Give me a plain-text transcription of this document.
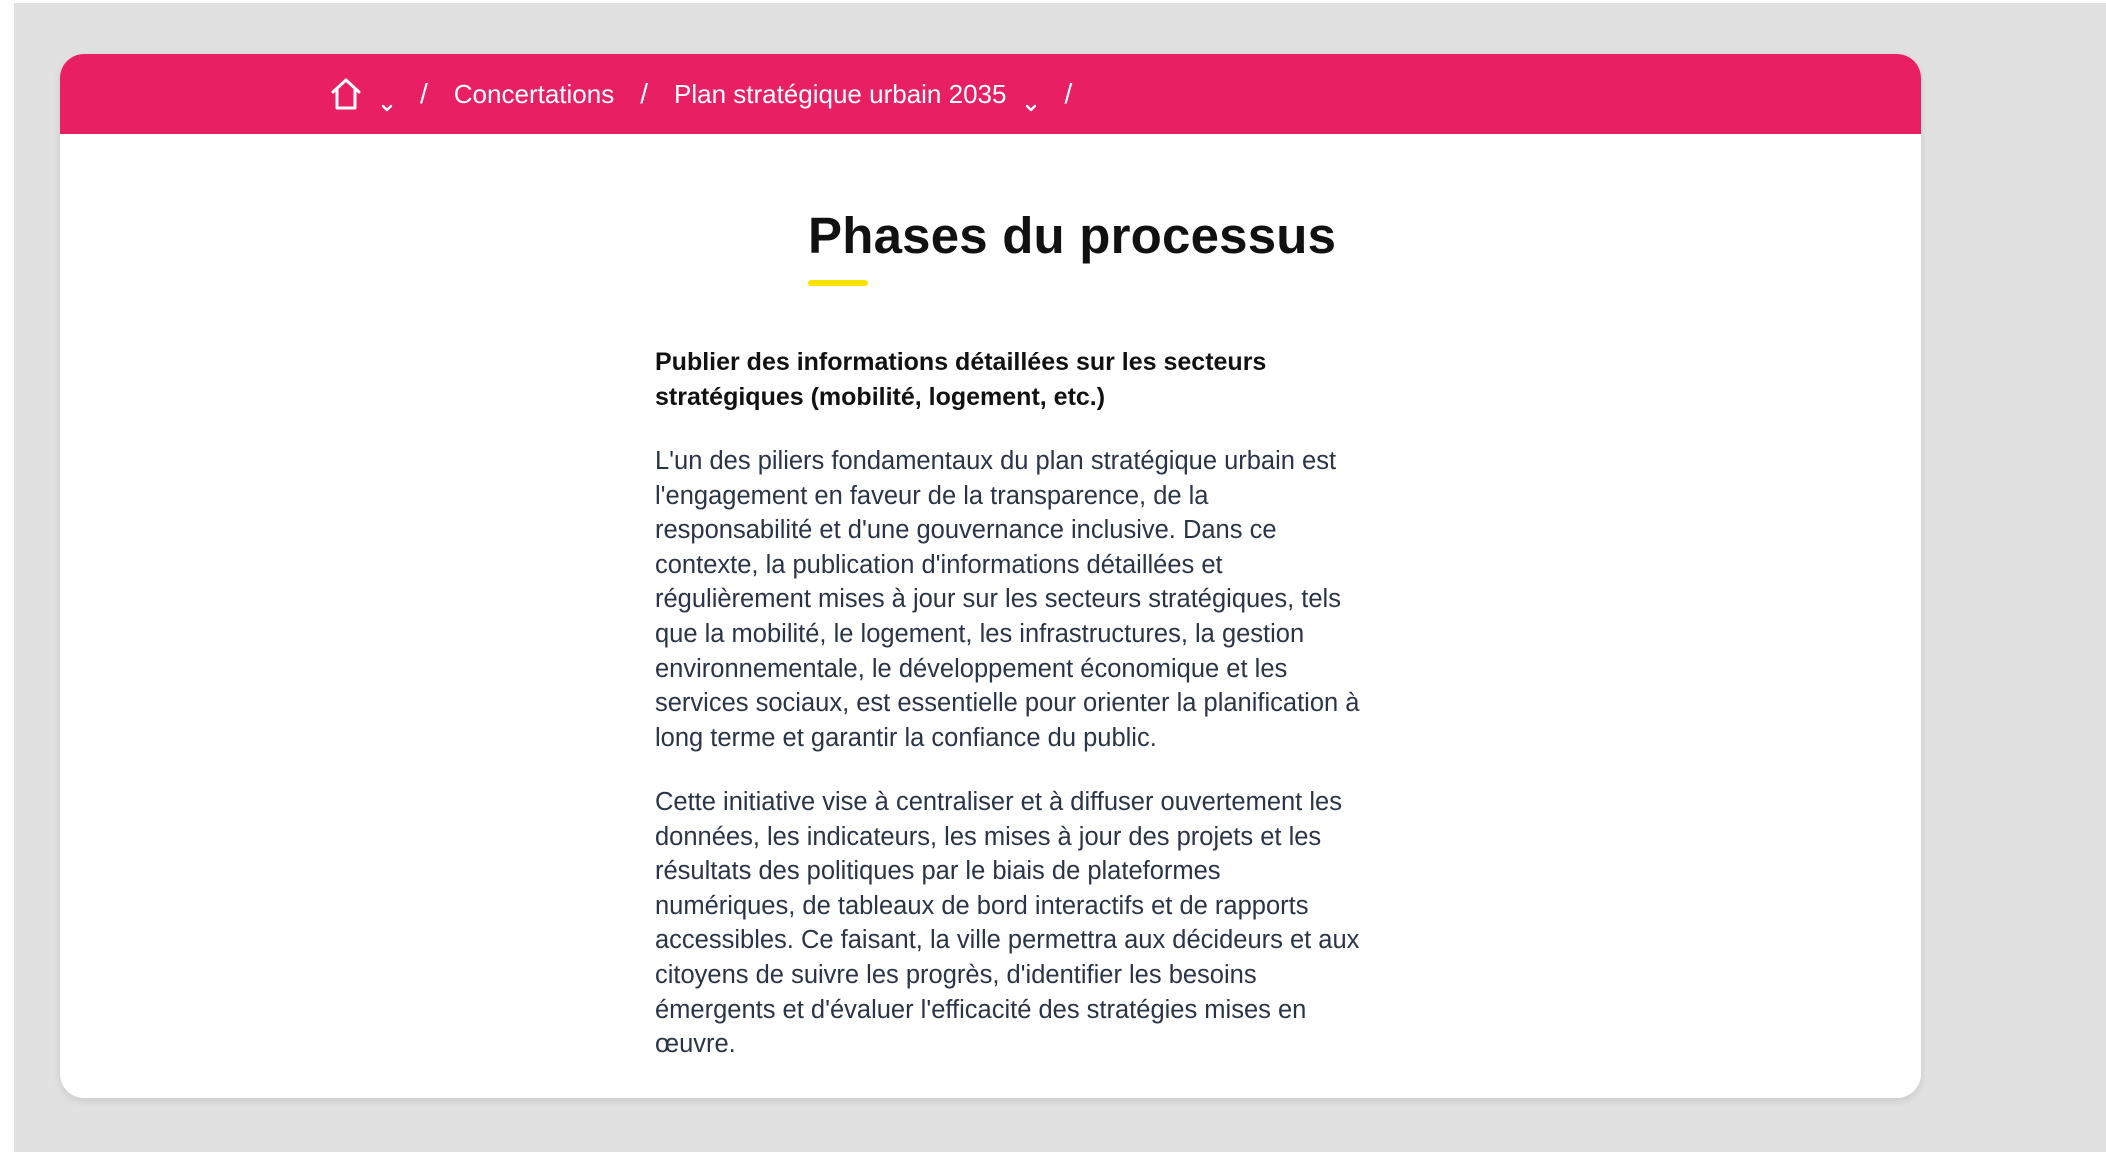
/ Concertations / Plan stratégique urbain 2035 /
Phases du processus

Publier des informations détaillées sur les secteurs stratégiques (mobilité, logement, etc.)

L'un des piliers fondamentaux du plan stratégique urbain est l'engagement en faveur de la transparence, de la responsabilité et d'une gouvernance inclusive. Dans ce contexte, la publication d'informations détaillées et régulièrement mises à jour sur les secteurs stratégiques, tels que la mobilité, le logement, les infrastructures, la gestion environnementale, le développement économique et les services sociaux, est essentielle pour orienter la planification à long terme et garantir la confiance du public.

Cette initiative vise à centraliser et à diffuser ouvertement les données, les indicateurs, les mises à jour des projets et les résultats des politiques par le biais de plateformes numériques, de tableaux de bord interactifs et de rapports accessibles. Ce faisant, la ville permettra aux décideurs et aux citoyens de suivre les progrès, d'identifier les besoins émergents et d'évaluer l'efficacité des stratégies mises en œuvre.
